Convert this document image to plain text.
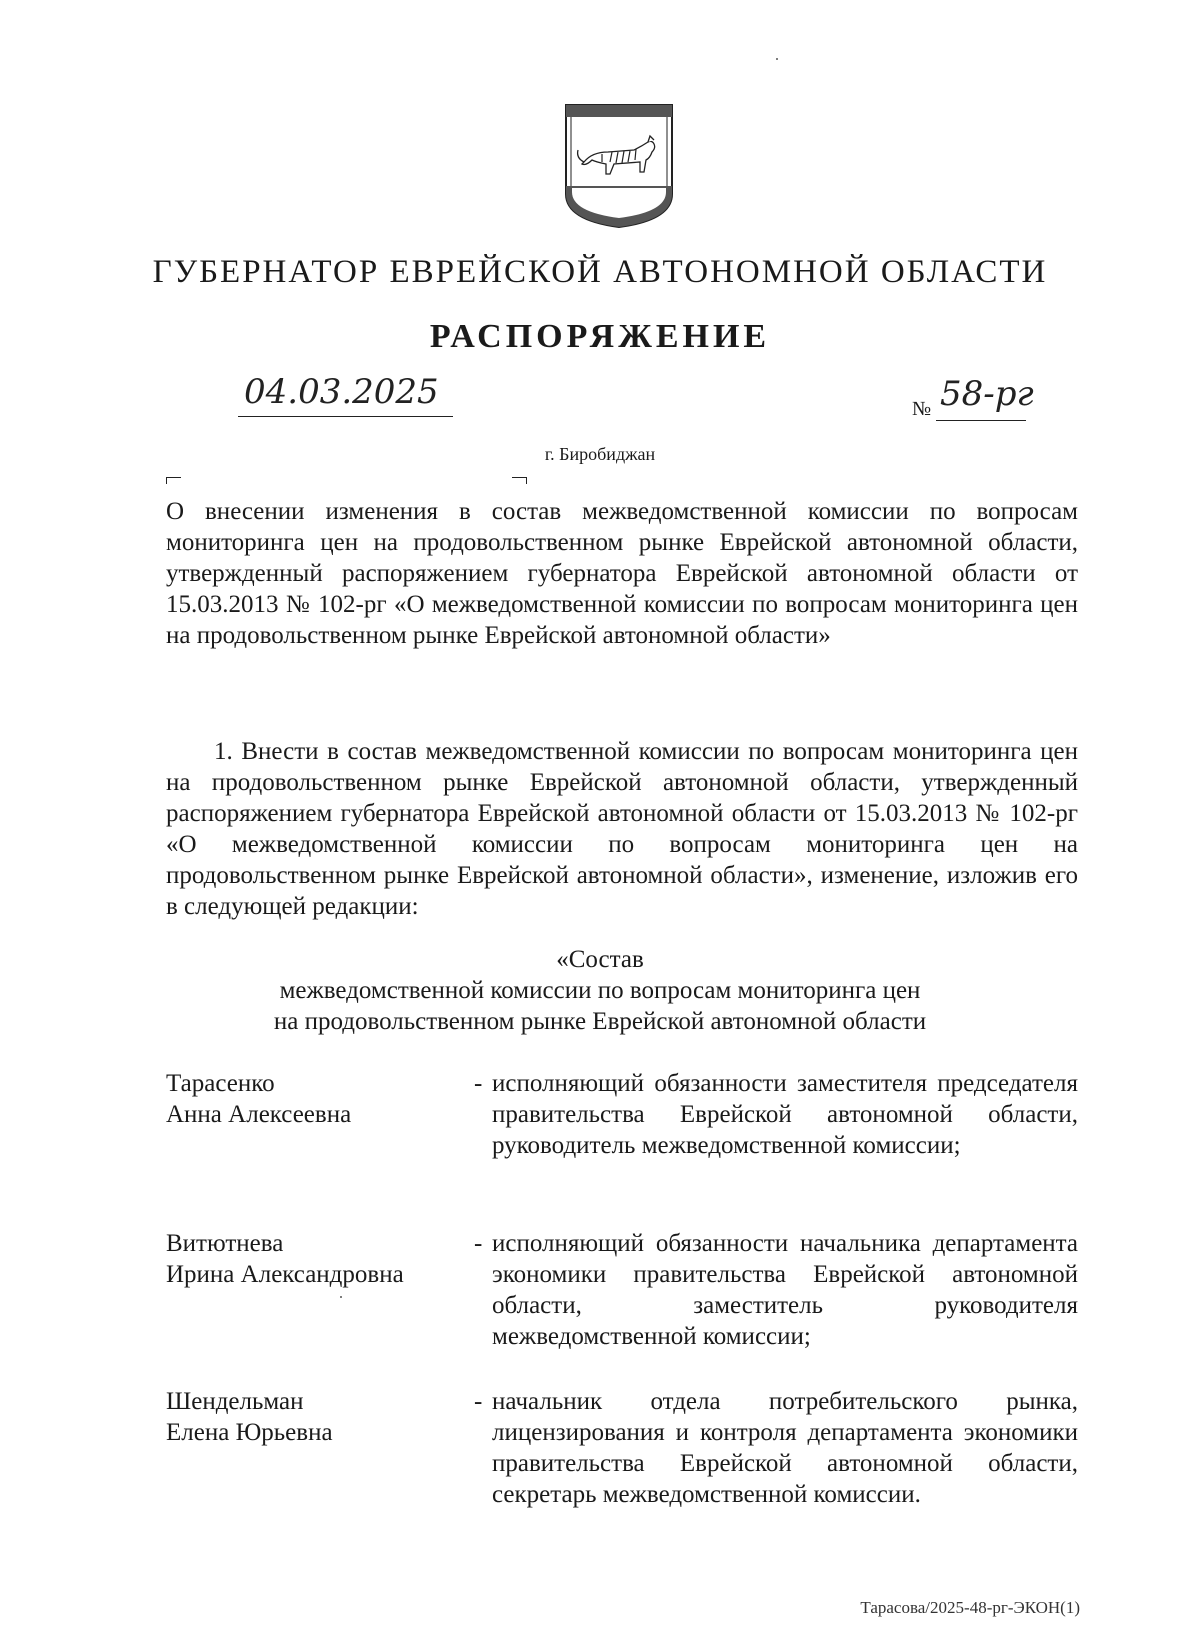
ГУБЕРНАТОР ЕВРЕЙСКОЙ АВТОНОМНОЙ ОБЛАСТИ
РАСПОРЯЖЕНИЕ
04.03.2025	№ 58-рг
г. Биробиджан
О внесении изменения в состав межведомственной комиссии по вопросам мониторинга цен на продовольственном рынке Еврейской автономной области, утвержденный распоряжением губернатора Еврейской автономной области от 15.03.2013 № 102-рг «О межведомственной комиссии по вопросам мониторинга цен на продовольственном рынке Еврейской автономной области»
1. Внести в состав межведомственной комиссии по вопросам мониторинга цен на продовольственном рынке Еврейской автономной области, утвержденный распоряжением губернатора Еврейской автономной области от 15.03.2013 № 102-рг «О межведомственной комиссии по вопросам мониторинга цен на продовольственном рынке Еврейской автономной области», изменение, изложив его в следующей редакции:
«Состав
межведомственной комиссии по вопросам мониторинга цен
на продовольственном рынке Еврейской автономной области
Тарасенко
Анна Алексеевна
- исполняющий обязанности заместителя председателя правительства Еврейской автономной области, руководитель межведомственной комиссии;
Витютнева
Ирина Александровна
- исполняющий обязанности начальника департамента экономики правительства Еврейской автономной области, заместитель руководителя межведомственной комиссии;
Шендельман
Елена Юрьевна
- начальник отдела потребительского рынка, лицензирования и контроля департамента экономики правительства Еврейской автономной области, секретарь межведомственной комиссии.
Тарасова/2025-48-рг-ЭКОН(1)
